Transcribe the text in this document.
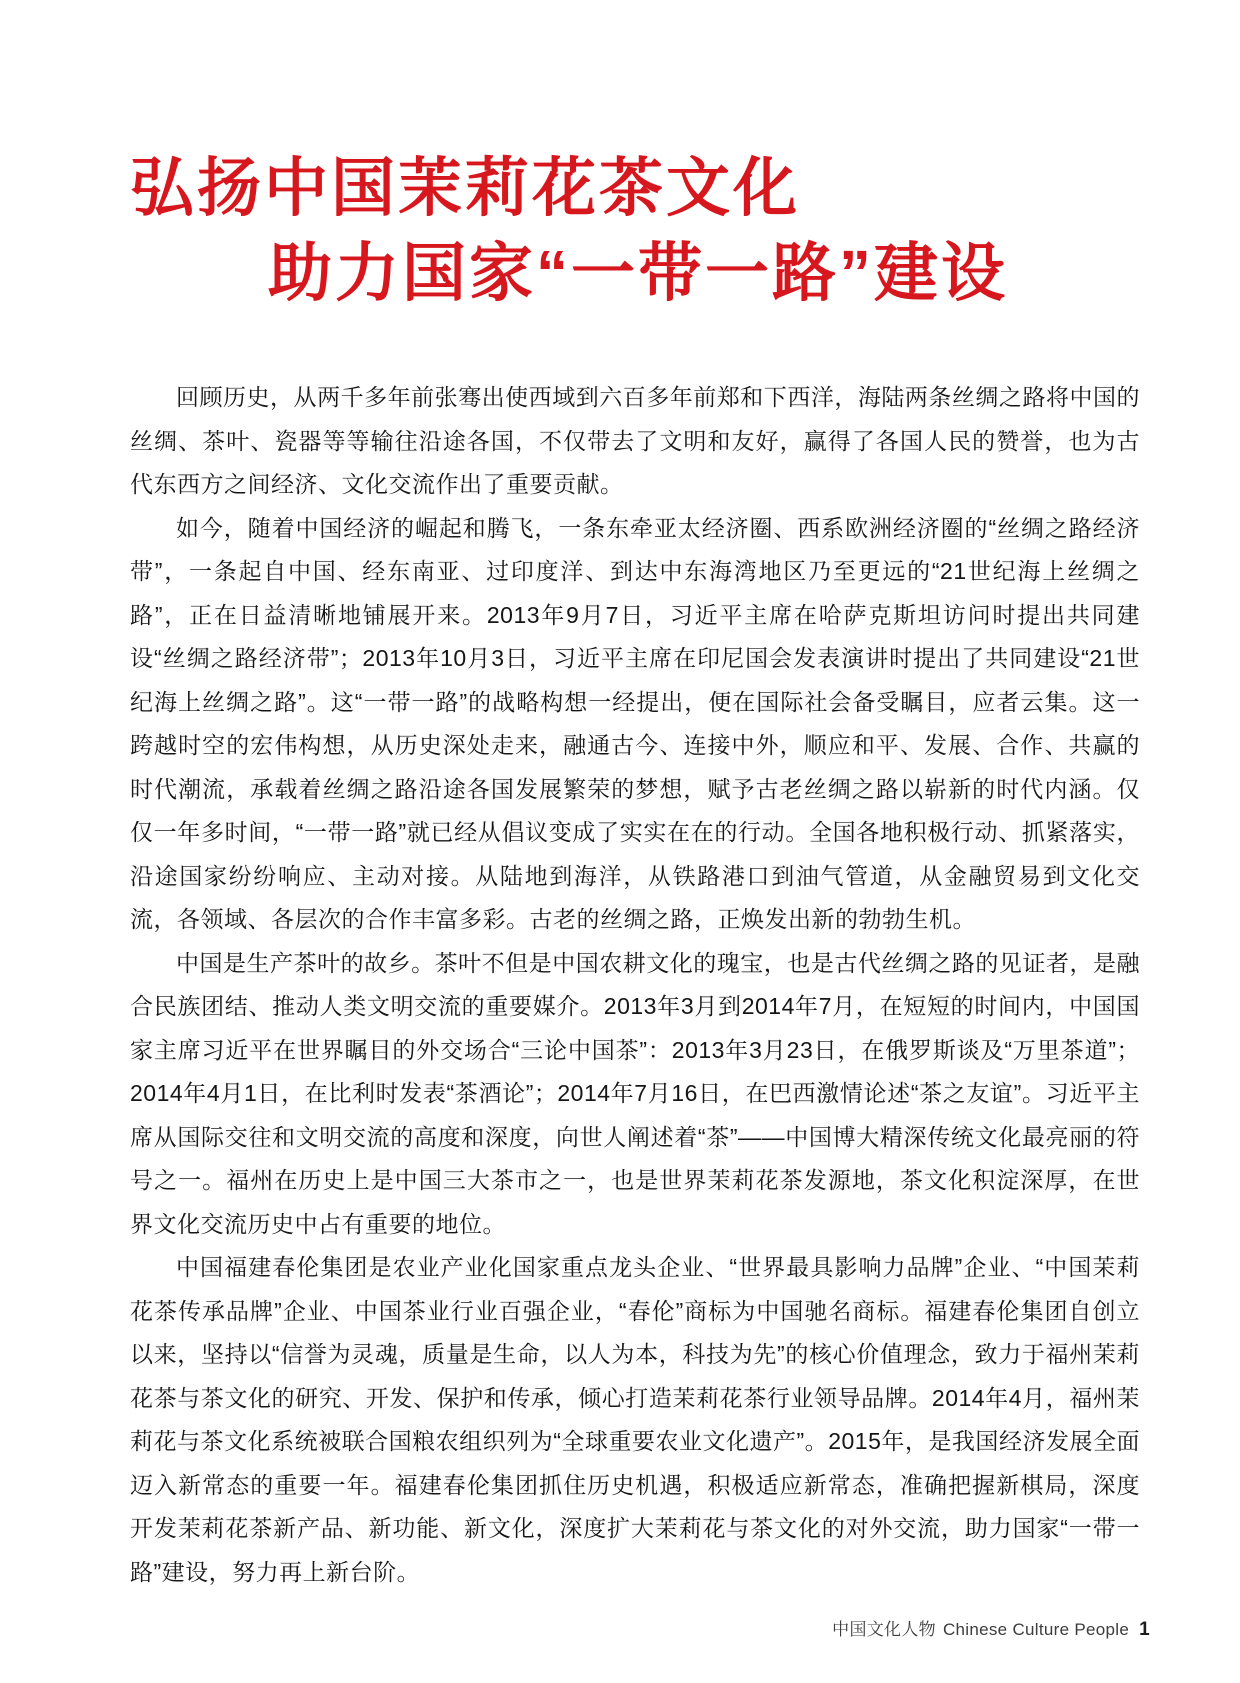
弘扬中国茉莉花茶文化
助力国家“一带一路”建设

回顾历史，从两千多年前张骞出使西域到六百多年前郑和下西洋，海陆两条丝绸之路将中国的丝绸、茶叶、瓷器等等输往沿途各国，不仅带去了文明和友好，赢得了各国人民的赞誉，也为古代东西方之间经济、文化交流作出了重要贡献。

如今，随着中国经济的崛起和腾飞，一条东牵亚太经济圈、西系欧洲经济圈的“丝绸之路经济带”，一条起自中国、经东南亚、过印度洋、到达中东海湾地区乃至更远的“21世纪海上丝绸之路”，正在日益清晰地铺展开来。2013年9月7日，习近平主席在哈萨克斯坦访问时提出共同建设“丝绸之路经济带”；2013年10月3日，习近平主席在印尼国会发表演讲时提出了共同建设“21世纪海上丝绸之路”。这“一带一路”的战略构想一经提出，便在国际社会备受瞩目，应者云集。这一跨越时空的宏伟构想，从历史深处走来，融通古今、连接中外，顺应和平、发展、合作、共赢的时代潮流，承载着丝绸之路沿途各国发展繁荣的梦想，赋予古老丝绸之路以崭新的时代内涵。仅仅一年多时间，“一带一路”就已经从倡议变成了实实在在的行动。全国各地积极行动、抓紧落实，沿途国家纷纷响应、主动对接。从陆地到海洋，从铁路港口到油气管道，从金融贸易到文化交流，各领域、各层次的合作丰富多彩。古老的丝绸之路，正焕发出新的勃勃生机。

中国是生产茶叶的故乡。茶叶不但是中国农耕文化的瑰宝，也是古代丝绸之路的见证者，是融合民族团结、推动人类文明交流的重要媒介。2013年3月到2014年7月，在短短的时间内，中国国家主席习近平在世界瞩目的外交场合“三论中国茶”：2013年3月23日，在俄罗斯谈及“万里茶道”；2014年4月1日，在比利时发表“茶酒论”；2014年7月16日，在巴西激情论述“茶之友谊”。习近平主席从国际交往和文明交流的高度和深度，向世人阐述着“茶”——中国博大精深传统文化最亮丽的符号之一。福州在历史上是中国三大茶市之一，也是世界茉莉花茶发源地，茶文化积淀深厚，在世界文化交流历史中占有重要的地位。

中国福建春伦集团是农业产业化国家重点龙头企业、“世界最具影响力品牌”企业、“中国茉莉花茶传承品牌”企业、中国茶业行业百强企业，“春伦”商标为中国驰名商标。福建春伦集团自创立以来，坚持以“信誉为灵魂，质量是生命，以人为本，科技为先”的核心价值理念，致力于福州茉莉花茶与茶文化的研究、开发、保护和传承，倾心打造茉莉花茶行业领导品牌。2014年4月，福州茉莉花与茶文化系统被联合国粮农组织列为“全球重要农业文化遗产”。2015年，是我国经济发展全面迈入新常态的重要一年。福建春伦集团抓住历史机遇，积极适应新常态，准确把握新棋局，深度开发茉莉花茶新产品、新功能、新文化，深度扩大茉莉花与茶文化的对外交流，助力国家“一带一路”建设，努力再上新台阶。

中国文化人物 Chinese Culture People 1
